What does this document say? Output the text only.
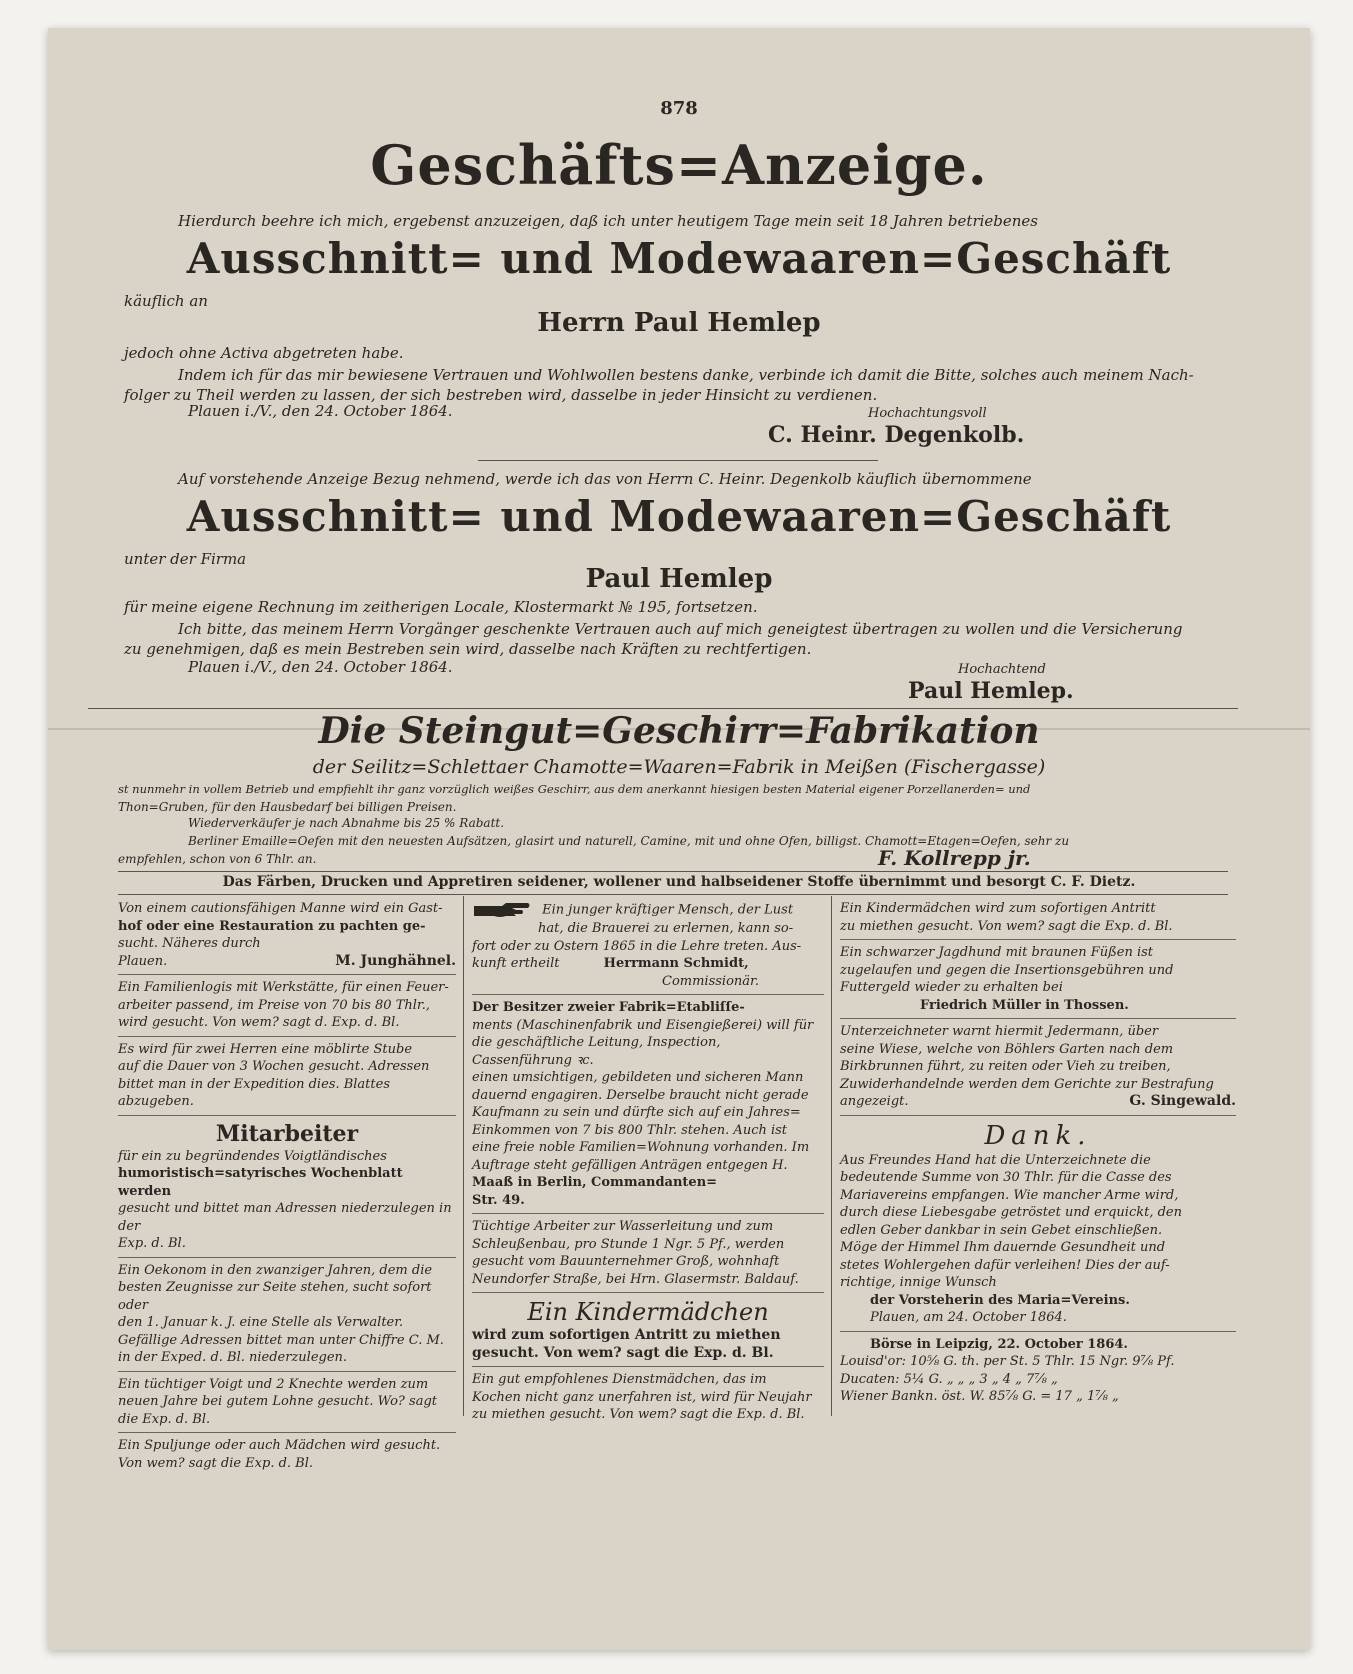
878
Geschäfts=Anzeige.
Hierdurch beehre ich mich, ergebenst anzuzeigen, daß ich unter heutigem Tage mein seit 18 Jahren betriebenes
Ausschnitt= und Modewaaren=Geschäft
käuflich an
Herrn Paul Hemlep
jedoch ohne Activa abgetreten habe.
Indem ich für das mir bewiesene Vertrauen und Wohlwollen bestens danke, verbinde ich damit die Bitte, solches auch meinem Nach-
folger zu Theil werden zu lassen, der sich bestreben wird, dasselbe in jeder Hinsicht zu verdienen.
Plauen i./V., den 24. October 1864.	Hochachtungsvoll
C. Heinr. Degenkolb.
Auf vorstehende Anzeige Bezug nehmend, werde ich das von Herrn C. Heinr. Degenkolb käuflich übernommene
Ausschnitt= und Modewaaren=Geschäft
unter der Firma
Paul Hemlep
für meine eigene Rechnung im zeitherigen Locale, Klostermarkt № 195, fortsetzen.
Ich bitte, das meinem Herrn Vorgänger geschenkte Vertrauen auch auf mich geneigtest übertragen zu wollen und die Versicherung
zu genehmigen, daß es mein Bestreben sein wird, dasselbe nach Kräften zu rechtfertigen.
Plauen i./V., den 24. October 1864.	Hochachtend
Paul Hemlep.
Die Steingut=Geschirr=Fabrikation
der Seilitz=Schlettaer Chamotte=Waaren=Fabrik in Meißen (Fischergasse)
st nunmehr in vollem Betrieb und empfiehlt ihr ganz vorzüglich weißes Geschirr, aus dem anerkannt hiesigen besten Material eigener Porzellanerden= und
Thon=Gruben, für den Hausbedarf bei billigen Preisen.
Wiederverkäufer je nach Abnahme bis 25 % Rabatt.
Berliner Emaille=Oefen mit den neuesten Aufsätzen, glasirt und naturell, Camine, mit und ohne Ofen, billigst. Chamott=Etagen=Oefen, sehr zu
empfehlen, schon von 6 Thlr. an.	F. Kollrepp jr.
Das Färben, Drucken und Appretiren seidener, wollener und halbseidener Stoffe übernimmt und besorgt C. F. Dietz.

Von einem cautionsfähigen Manne wird ein Gast-
hof oder eine Restauration zu pachten ge-
sucht. Näheres durch
Plauen.	M. Junghähnel.

Ein Familienlogis mit Werkstätte, für einen Feuer-
arbeiter passend, im Preise von 70 bis 80 Thlr.,
wird gesucht. Von wem? sagt d. Exp. d. Bl.

Es wird für zwei Herren eine möblirte Stube
auf die Dauer von 3 Wochen gesucht. Adressen
bittet man in der Expedition dies. Blattes abzugeben.

Mitarbeiter

für ein zu begründendes Voigtländisches
humoristisch=satyrisches Wochenblatt werden
gesucht und bittet man Adressen niederzulegen in der
Exp. d. Bl.

Ein Oekonom in den zwanziger Jahren, dem die
besten Zeugnisse zur Seite stehen, sucht sofort oder
den 1. Januar k. J. eine Stelle als Verwalter.
Gefällige Adressen bittet man unter Chiffre C. M.
in der Exped. d. Bl. niederzulegen.

Ein tüchtiger Voigt und 2 Knechte werden zum
neuen Jahre bei gutem Lohne gesucht. Wo? sagt
die Exp. d. Bl.

Ein Spuljunge oder auch Mädchen wird gesucht.
Von wem? sagt die Exp. d. Bl.

Ein junger kräftiger Mensch, der Lust
hat, die Brauerei zu erlernen, kann so-
fort oder zu Ostern 1865 in die Lehre treten. Aus-
kunft ertheilt	Herrmann Schmidt,
Commissionär.

Der Besitzer zweier Fabrik=Etabliſſe-
ments (Maschinenfabrik und Eisengießerei) will für
die geschäftliche Leitung, Inspection, Cassenführung ꝛc.
einen umsichtigen, gebildeten und sicheren Mann
dauernd engagiren. Derselbe braucht nicht gerade
Kaufmann zu sein und dürfte sich auf ein Jahres=
Einkommen von 7 bis 800 Thlr. stehen. Auch ist
eine freie noble Familien=Wohnung vorhanden. Im
Auftrage steht gefälligen Anträgen entgegen H.
Maaß in Berlin, Commandanten=
Str. 49.

Tüchtige Arbeiter zur Wasserleitung und zum
Schleußenbau, pro Stunde 1 Ngr. 5 Pf., werden
gesucht vom Bauunternehmer Groß, wohnhaft
Neundorfer Straße, bei Hrn. Glasermstr. Baldauf.

Ein Kindermädchen

wird zum sofortigen Antritt zu miethen
gesucht. Von wem? sagt die Exp. d. Bl.

Ein gut empfohlenes Dienstmädchen, das im
Kochen nicht ganz unerfahren ist, wird für Neujahr
zu miethen gesucht. Von wem? sagt die Exp. d. Bl.

Ein Kindermädchen wird zum sofortigen Antritt
zu miethen gesucht. Von wem? sagt die Exp. d. Bl.

Ein schwarzer Jagdhund mit braunen Füßen ist
zugelaufen und gegen die Insertionsgebühren und
Futtergeld wieder zu erhalten bei
Friedrich Müller in Thossen.

Unterzeichneter warnt hiermit Jedermann, über
seine Wiese, welche von Böhlers Garten nach dem
Birkbrunnen führt, zu reiten oder Vieh zu treiben,
Zuwiderhandelnde werden dem Gerichte zur Bestrafung
angezeigt.	G. Singewald.

Dank.

Aus Freundes Hand hat die Unterzeichnete die
bedeutende Summe von 30 Thlr. für die Casse des
Mariavereins empfangen. Wie mancher Arme wird,
durch diese Liebesgabe getröstet und erquickt, den
edlen Geber dankbar in sein Gebet einschließen.
Möge der Himmel Ihm dauernde Gesundheit und
stetes Wohlergehen dafür verleihen! Dies der auf-
richtige, innige Wunsch
der Vorsteherin des Maria=Vereins.
Plauen, am 24. October 1864.

Börse in Leipzig, 22. October 1864.
Louisd'or: 10⅝ G. th. per St. 5 Thlr. 15 Ngr. 9⅞ Pf.
Ducaten: 5¼ G. „ „ „ 3 „ 4 „ 7⅞ „
Wiener Bankn. öst. W. 85⅞ G. = 17 „ 1⅞ „
